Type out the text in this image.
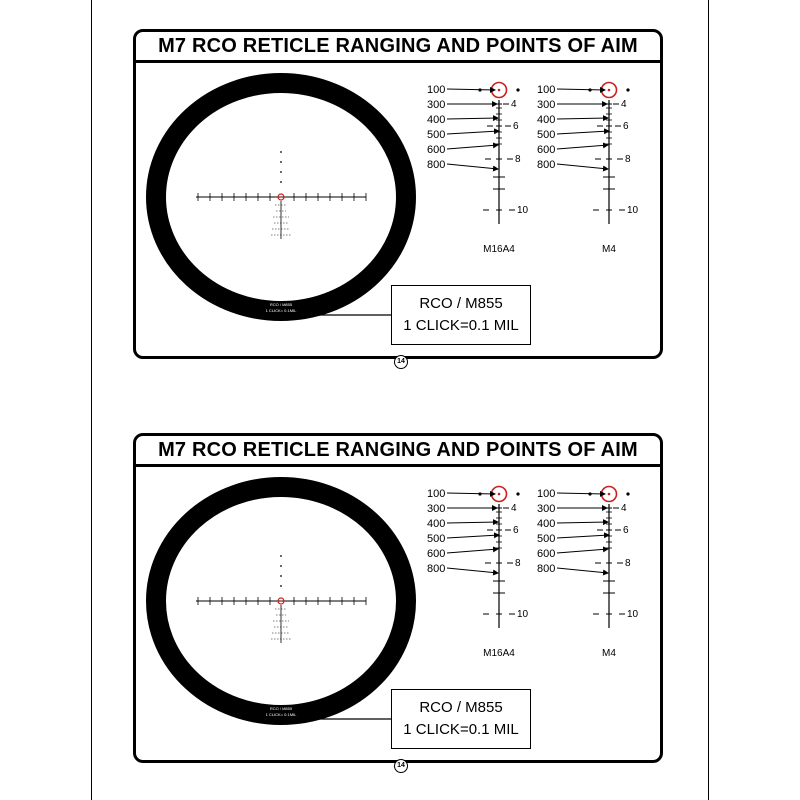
M7 RCO RETICLE RANGING AND POINTS OF AIM
RCO / M855
1 CLICK= 0.1MIL
100
300
400
500
600
800
4
6
8
10
M16A4
100
300
400
500
600
800
4
6
8
10
M4
RCO / M855
1 CLICK=0.1 MIL
14
M7 RCO RETICLE RANGING AND POINTS OF AIM
RCO / M855
1 CLICK= 0.1MIL
100
300
400
500
600
800
4
6
8
10
M16A4
100
300
400
500
600
800
4
6
8
10
M4
RCO / M855
1 CLICK=0.1 MIL
14
